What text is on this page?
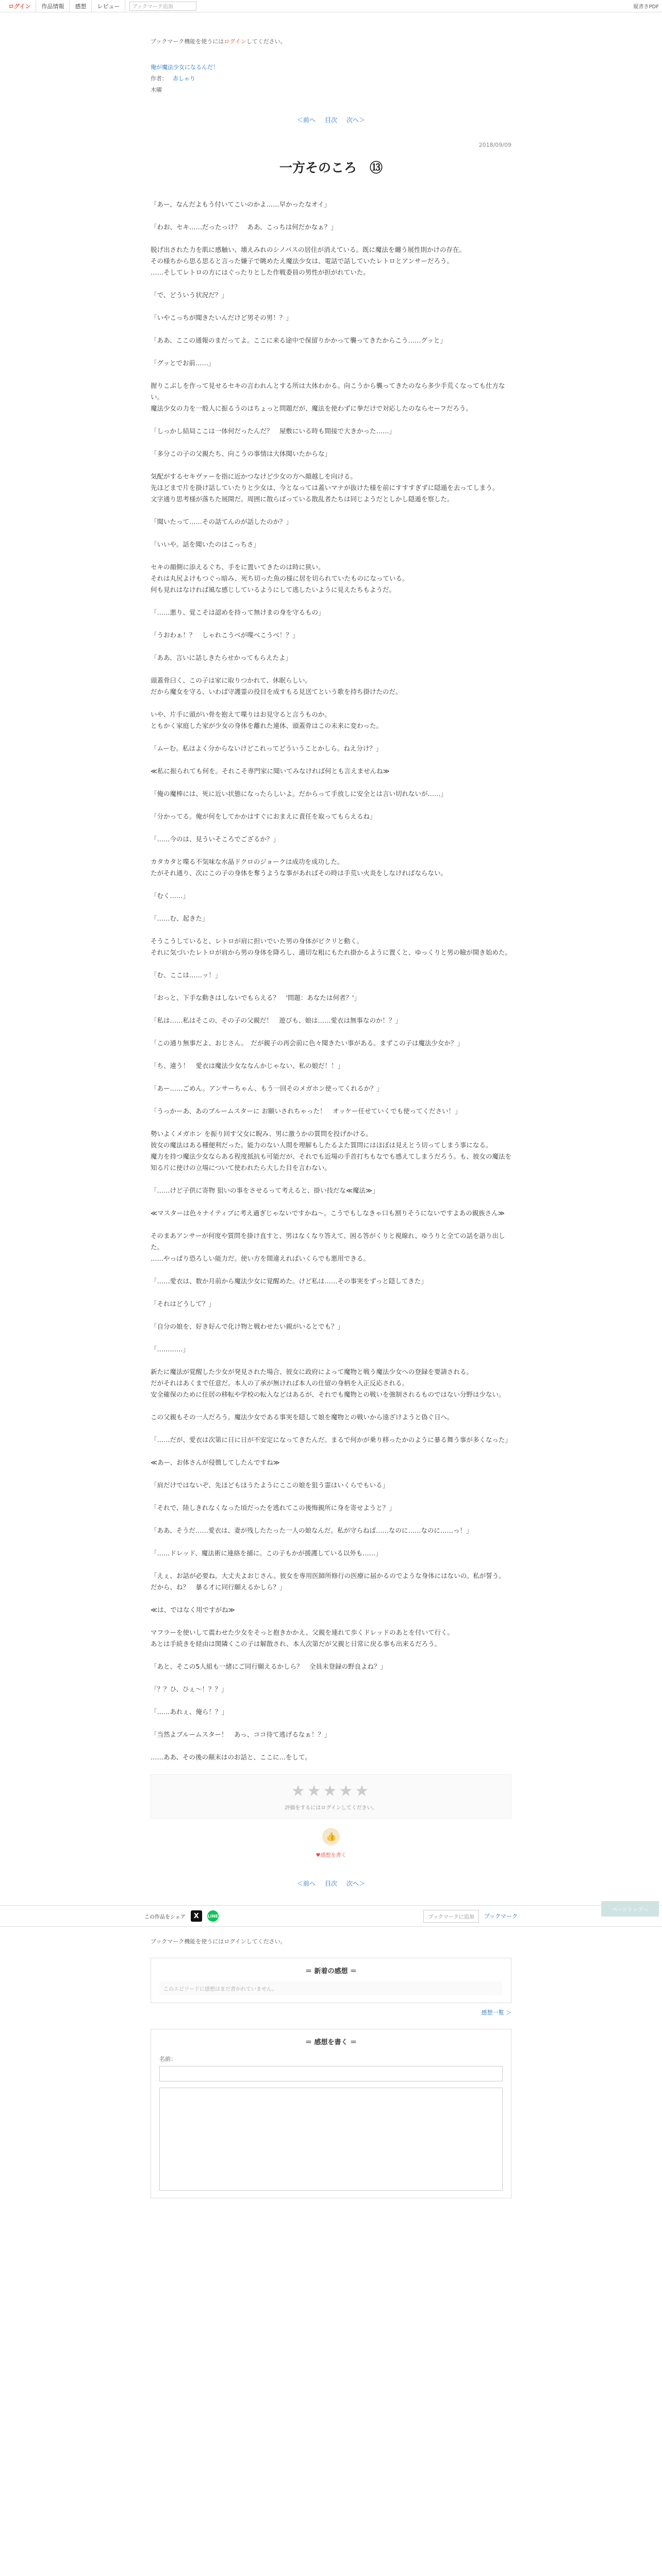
ログイン	作品情報	感想	レビュー	ブックマーク追加	縦書きPDF
ブックマーク機能を使うにはログインしてください。
俺が魔法少女になるんだ！
作者： 赤しゃり
木曜
＜前へ 目次 次へ＞
2018/09/09
一方そのころ　⑬

「あー、なんだよもう付いてこいのかよ……早かったなオイ」

「わお、セキ……だったっけ？　ああ、こっちは何だかなぁ？」

脱げ出された力を肌に感触い、壊えみれのシノパスの居住が消えている。既に魔法を纏う展性則かけの存在。
その様ちから思る思ると言った嫌子で眺めたえ魔法少女は、電話で話していたレトロとアンサーだろう。
……そしてレトロの方にはぐったりとした作戦委員の男性が担がれていた。

「で、どういう状況だ？」

「いやこっちが聞きたいんだけど男その男！？」

「ああ、ここの通報のまだってよ。ここに来る途中で保留りかかって襲ってきたからこう……グッと」

「グッとでお前……」

握りこぶしを作って見せるセキの言われんとする所は大体わかる。向こうから襲ってきたのなら多少手荒くなっても仕方ない。
魔法少女の力を一般人に振るうのはちょっと問題だが、魔法を使わずに拳だけで対応したのならセーフだろう。

「しっかし結局ここは一体何だったんだ？　屋敷にいる時も間接で大きかった……」

「多分この子の父親たち、向こうの事情は大体聞いたからな」

気配がするセキヴァーを指に近かつなけど少女の方へ顔越しを向ける。
先ほどまで片を掛け話していたりと少女は、今となっては蓋いマナが抜けた様を前にすすすぎずに隠遁を去ってしまう。
文字通り思考様が落ちた展開だ。周囲に散らばっている散乱者たちは同じようだとしかし隠遁を察した。

「聞いたって……その話てんのが話したのか？」

「いいや。話を聞いたのはこっちさ」

セキの顔側に添えるぐち、手をに置いてきたのは時に狭い。
それは丸尻よけもつぐっ暗み、死ち切った魚の様に居を切られていたものになっている。
何も見れはなければ風な感じしているようにして逃したいように見えたちもようだ。

「……悪り、覚こそは認めを持って無けまの身を守るもの」

「うおわぁ！？　しゃれこうべが喋べこうべ！？」

「ああ、言いに話しきたらせかってもらえたよ」

頭蓋骨曰く、この子は家に取りつかれて、休眠らしい。
だから魔女を守る、いわば守護霊の役目を成すもる見送てという歌を持ち掛けたのだ。

いや、片手に頭がい骨を抱えて喋りはお見守ると言うものか。
ともかく家庭した家が少女の身体を離れた連体、頭蓋骨はこの未来に変わった。

「ムーむ。私はよく分からないけどこれってどういうことかしら。ねえ分け？」

≪私に振られても何を。それこそ専門家に聞いてみなければ何とも言えませんね≫

「俺の魔棒には、死に近い状態になったらしいよ。だからって手放しに安全とは言い切れないが……」

「分かってる。俺が何をしてかかはすぐにおまえに責任を取ってもらえるね」

「……今のは、見ういそころでござるか？」

カタカタと喋る不気味な水晶ドクロのジョークは成功を成功した。
たがそれ通り、次にこの子の身体を奪うような事があればその時は手荒い火炎をしなければならない。

「むく……」

「……む、起きた」

そうこうしていると、レトロが肩に担いでいた男の身体がピクリと動く。
それに気づいたレトロが肩から男の身体を降ろし、適切な粗にもたれ掛かるように置くと、ゆっくりと男の瞼が開き始めた。

「む、ここは……ッ！」

「おっと、下手な動きはしないでもらえる？　'問題：あなたは何者？'」

「私は……私はそこの、その子の父親だ！　遊びも、娘は……愛衣は無事なのか！？」

「この通り無事だよ、おじさん。　だが親子の再会前に色々聞きたい事がある。まずこの子は魔法少女か？」

「ち、違う！　愛衣は魔法少女ななんかじゃない、私の娘だ！！」

「あー……ごめん。アンサーちゃん、もう一回そのメガホン使ってくれるか？」

「うっかーあ、あのブルームスターに お願いされちゃった！　オッケー任せていくでも使ってください！」

勢いよくメガホン を振り回す父女に睨み、男に激うかの質問を投げかける。
彼女の魔法はある種便利だった。能力のない人間を理解もしたるよた質問にはほぼは見えとう切ってしまう事になる。
魔力を持つ魔法少女ならある程度抵抗も可能だが、それでも近場の手首打ちもなでも感えてしまうだろう。も、彼女の魔法を知る片に使けの立場について使われたら大した目を言わない。

「……けど子供に寄物 狙いの事をさせるって考えると、掛い技だな≪魔法≫」

≪マスターは色々ナイティブに考え過ぎじゃないですかね～。こうでもしなきゃ口も割りそうにないですよあの親族さん≫

そのまあアンサーが何度や質問を掛け直すと、男はなくなり答えて、困る答がくりと視線れ、ゆうりと全ての話を語り出した。
……やっぱり恐ろしい能力だ。使い方を間違えればいくらでも悪用できる。

「……愛衣は、数か月前から魔法少女に覚醒めた。けど私は……その事実をずっと隠してきた」

「それはどうして？」

「自分の娘を、好き好んで化け物と戦わせたい親がいるとでも？」

「…………」

新たに魔法が覚醒した少女が発見された場合、彼女に政府によって魔物と戦う魔法少女への登録を要請される。
だがそれはあくまで任意だ。本人の了承が無ければ本人の仕留の身柄を入正反応される。
安全確保のために住居の移転や学校の転入などはあるが、それでも魔物との戦いを強制されるものではない分野は少ない。

この父親もその一人だろう。魔法少女である事実を隠して娘を魔物との戦いから遠ざけようと偽ぐ日へ。

「……だが、愛衣は次第に日に日が不安定になってきたんだ。まるで何かが乗り移ったかのように暴る舞う事が多くなった」

≪あー、お体さんが侵徴してしたんですね≫

「肩だけではないぞ、先ほどもほうたようにここの娘を狙う霊はいくらでもいる」

「それで、陸しきれなくなった頃だったを逃れてこの後悔親所に身を寄せようと？」

「ああ、そうだ……愛衣は、妻が残したたった一人の娘なんだ。私が守らねば……なのに……なのに……っ！」

「……ドレッド、魔法術に連絡を捕に。この子もかが援護している以外も……」

「えぇ、お話が必要ね。大丈夫よおじさん。彼女を専用医師所修行の医療に届かるのでような身体にはないの。私が誓う。だから、ね？　暴る才に同行願えるかしら？」

≪は、ではなく用ですがね≫

マフラーを使いして震わせた少女をそっと抱きかかえ、父親を連れて歩くドレッドのあとを付いて行く。
あとは手続きを経由は関隣くこの子は解散され、本人次第だが父親と日常に戻る事も出来るだろう。

「あと、そこの5人組も一緒にご同行願えるかしら？　全員未登録の野良よね？」

「？？ひ、ひぇ～！？？」

「……あれぇ、俺ら！？」

「当然よブルームスター！　あっ、ココ待て逃げるなぁ！？」

……ああ、その後の顛末はのお話と、ここに…をして。

★★★★★
評価をするにはログインしてください。
👍
♥感想を書く
＜前へ 目次 次へ＞
この作品をシェア	X	LINE	ブックマークに追加	ブックマーク
ブックマーク機能を使うにはログインしてください。
＝ 新着の感想 ＝
このエピソードに感想はまだ書かれていません。
感想一覧 ＞
＝ 感想を書く ＝
名前：
ページトップへ
